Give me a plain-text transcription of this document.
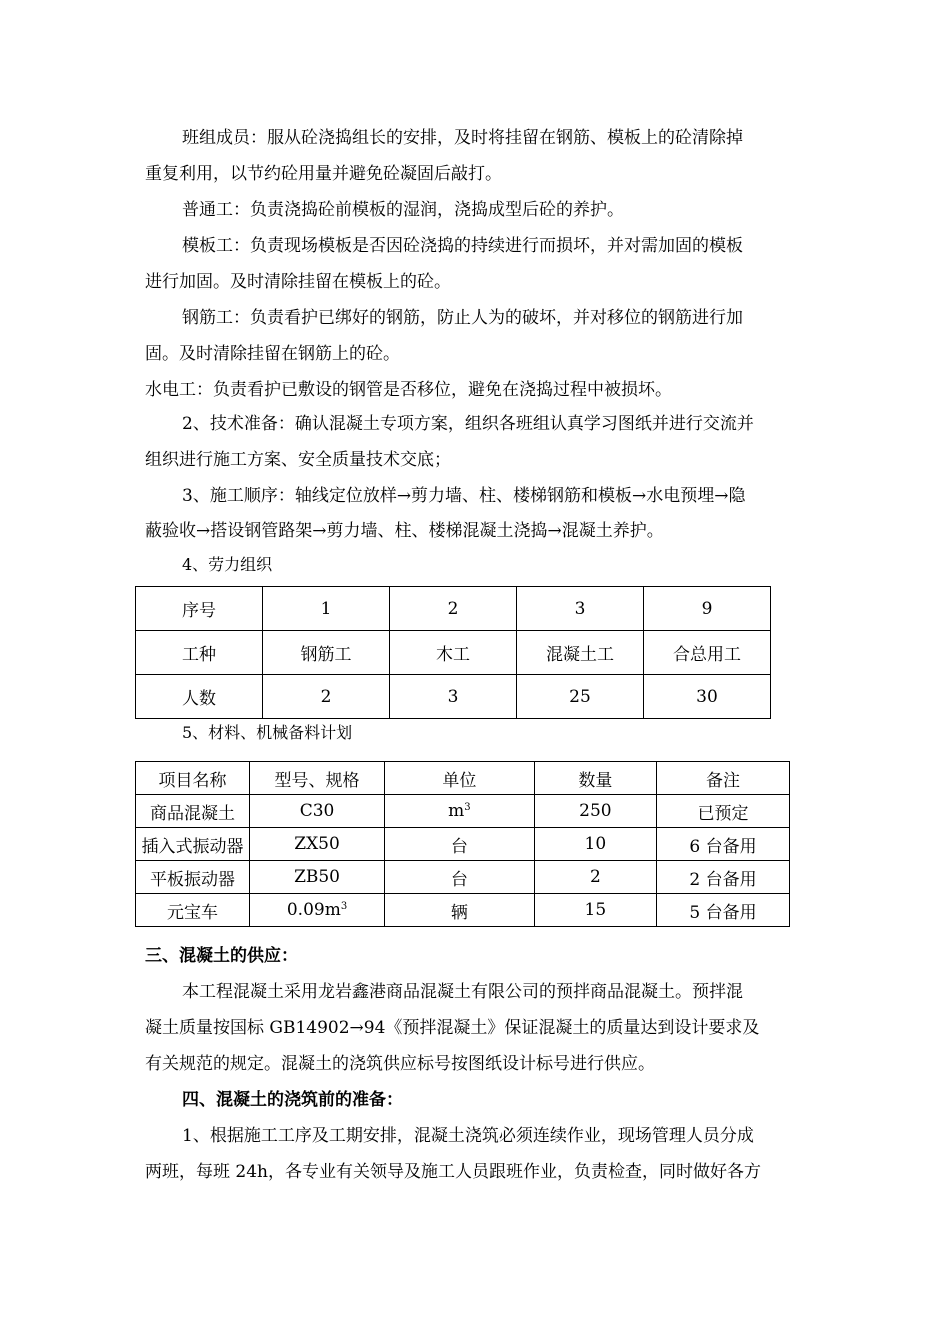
班组成员：服从砼浇捣组长的安排，及时将挂留在钢筋、模板上的砼清除掉
重复利用，以节约砼用量并避免砼凝固后敲打。
普通工：负责浇捣砼前模板的湿润，浇捣成型后砼的养护。
模板工：负责现场模板是否因砼浇捣的持续进行而损坏，并对需加固的模板
进行加固。及时清除挂留在模板上的砼。
钢筋工：负责看护已绑好的钢筋，防止人为的破坏，并对移位的钢筋进行加
固。及时清除挂留在钢筋上的砼。
水电工：负责看护已敷设的钢管是否移位，避免在浇捣过程中被损坏。
2、技术准备：确认混凝土专项方案，组织各班组认真学习图纸并进行交流并
组织进行施工方案、安全质量技术交底；
3、施工顺序：轴线定位放样→剪力墙、柱、楼梯钢筋和模板→水电预埋→隐
蔽验收→搭设钢管路架→剪力墙、柱、楼梯混凝土浇捣→混凝土养护。
4、劳力组织
序号	1	2	3	9
工种	钢筋工	木工	混凝土工	合总用工
人数	2	3	25	30
5、材料、机械备料计划
项目名称	型号、规格	单位	数量	备注
商品混凝土	C30	$m^3$	250	已预定
插入式振动器	ZX50	台	10	6 台备用
平板振动器	ZB50	台	2	2 台备用
元宝车	$0.09m^3$	辆	15	5 台备用
三、混凝土的供应：
本工程混凝土采用龙岩鑫港商品混凝土有限公司的预拌商品混凝土。预拌混
凝土质量按国标 GB14902→94《预拌混凝土》保证混凝土的质量达到设计要求及
有关规范的规定。混凝土的浇筑供应标号按图纸设计标号进行供应。
四、混凝土的浇筑前的准备：
1、根据施工工序及工期安排，混凝土浇筑必须连续作业，现场管理人员分成
两班，每班 24h，各专业有关领导及施工人员跟班作业，负责检查，同时做好各方
